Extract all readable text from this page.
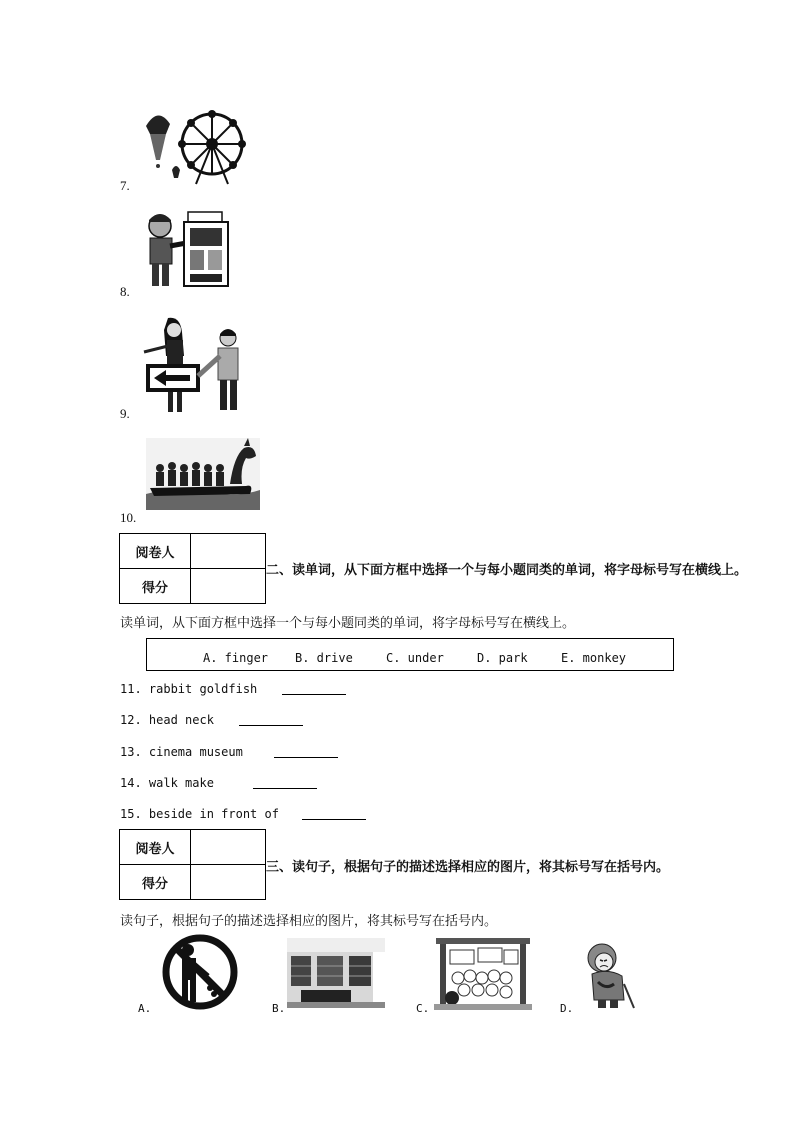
7.
8.
9.
10.
阅卷人	
得分	
二、读单词，从下面方框中选择一个与每小题同类的单词，将字母标号写在横线上。
读单词，从下面方框中选择一个与每小题同类的单词，将字母标号写在横线上。
A. finger B. drive	C. under	D. park	E. monkey
11. rabbit goldfish
12. head neck
13. cinema museum
14. walk make
15. beside in front of
阅卷人	
得分	
三、读句子，根据句子的描述选择相应的图片，将其标号写在括号内。
读句子，根据句子的描述选择相应的图片，将其标号写在括号内。
A.	B.	C.	D.
